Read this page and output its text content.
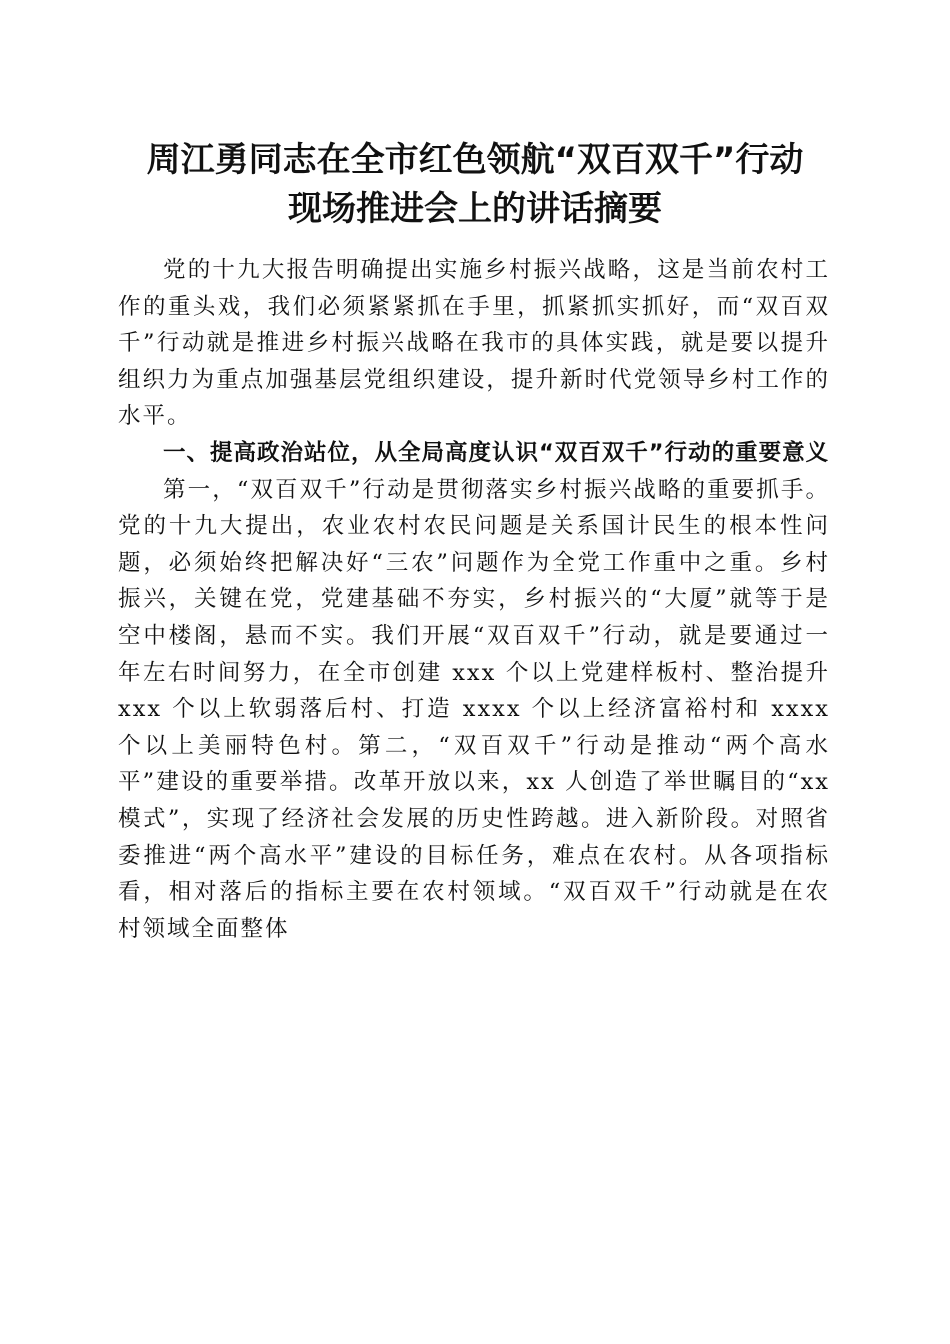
周江勇同志在全市红色领航“双百双千”行动
现场推进会上的讲话摘要

党的十九大报告明确提出实施乡村振兴战略，这是当前农村工作的重头戏，我们必须紧紧抓在手里，抓紧抓实抓好，而“双百双千”行动就是推进乡村振兴战略在我市的具体实践，就是要以提升组织力为重点加强基层党组织建设，提升新时代党领导乡村工作的水平。

一、提高政治站位，从全局高度认识“双百双千”行动的重要意义

第一，“双百双千”行动是贯彻落实乡村振兴战略的重要抓手。党的十九大提出，农业农村农民问题是关系国计民生的根本性问题，必须始终把解决好“三农”问题作为全党工作重中之重。乡村振兴，关键在党，党建基础不夯实，乡村振兴的“大厦”就等于是空中楼阁，悬而不实。我们开展“双百双千”行动，就是要通过一年左右时间努力，在全市创建 xxx 个以上党建样板村、整治提升 xxx 个以上软弱落后村、打造 xxxx 个以上经济富裕村和 xxxx 个以上美丽特色村。第二，“双百双千”行动是推动“两个高水平”建设的重要举措。改革开放以来，xx 人创造了举世瞩目的“xx 模式”，实现了经济社会发展的历史性跨越。进入新阶段。对照省委推进“两个高水平”建设的目标任务，难点在农村。从各项指标看，相对落后的指标主要在农村领域。“双百双千”行动就是在农村领域全面整体
